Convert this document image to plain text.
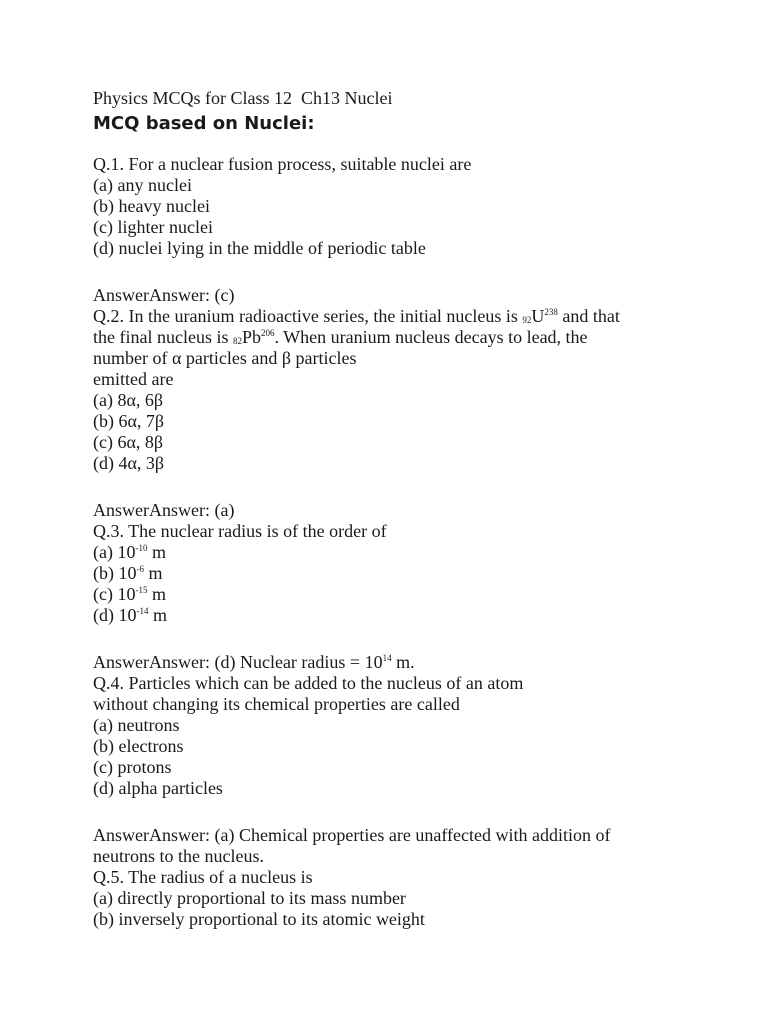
Physics MCQs for Class 12  Ch13 Nuclei
MCQ based on Nuclei:
Q.1. For a nuclear fusion process, suitable nuclei are
(a) any nuclei
(b) heavy nuclei
(c) lighter nuclei
(d) nuclei lying in the middle of periodic table
AnswerAnswer: (c)
Q.2. In the uranium radioactive series, the initial nucleus is $_{92}U^{238}$ and that
the final nucleus is $_{82}Pb^{206}$. When uranium nucleus decays to lead, the
number of α particles and β particles
emitted are
(a) 8α, 6β
(b) 6α, 7β
(c) 6α, 8β
(d) 4α, 3β
AnswerAnswer: (a)
Q.3. The nuclear radius is of the order of
(a) $10^{-10}$ m
(b) $10^{-6}$ m
(c) $10^{-15}$ m
(d) $10^{-14}$ m
AnswerAnswer: (d) Nuclear radius = $10^{14}$ m.
Q.4. Particles which can be added to the nucleus of an atom
without changing its chemical properties are called
(a) neutrons
(b) electrons
(c) protons
(d) alpha particles
AnswerAnswer: (a) Chemical properties are unaffected with addition of
neutrons to the nucleus.
Q.5. The radius of a nucleus is
(a) directly proportional to its mass number
(b) inversely proportional to its atomic weight
